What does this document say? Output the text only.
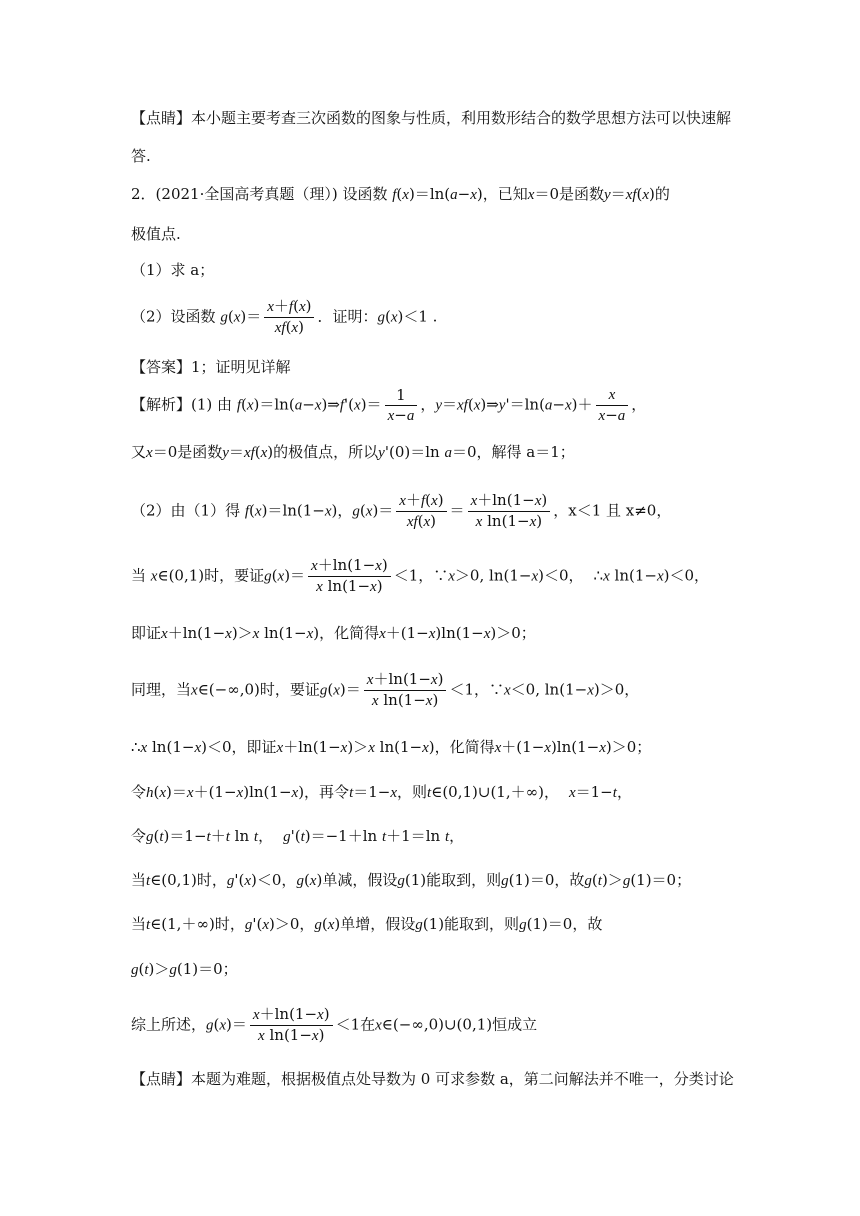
【点睛】本小题主要考查三次函数的图象与性质，利用数形结合的数学思想方法可以快速解
答.
2．(2021·全国高考真题（理）) 设函数 f(x)＝ln(a−x)，已知x＝0是函数y＝xf(x)的
极值点.
（1）求 a；
（2）设函数 $g(x)= \frac{x+f(x)}{xf(x)}$ ．证明：g(x)＜1 .
【答案】1；证明见详解
【解析】(1) 由 f(x)＝ln(a−x)⇒f'(x)＝ $\frac{1}{x-a}$ ，y＝xf(x)⇒y'＝ln(a−x)＋ $\frac{x}{x-a}$ ，
又x＝0是函数y＝xf(x)的极值点，所以y'(0)＝ln a＝0，解得 a＝1；
（2）由（1）得 f(x)＝ln(1−x)，$g(x)= \frac{x+f(x)}{xf(x)} = \frac{x+\ln(1-x)}{\text{x ln(1−x)}}$ ，x＜1 且 x≠0，
当 x∈(0,1)时，要证$g(x)= \frac{x+\ln(1-x)}{\text{x ln(1−x)}} <1$，∵x＞0, ln(1−x)＜0， ∴x ln(1−x)＜0，
即证x＋ln(1−x)＞x ln(1−x)，化简得x＋(1−x)ln(1−x)＞0；
同理，当x∈(−∞,0)时，要证$g(x)= \frac{x+\ln(1-x)}{\text{x ln(1−x)}} <1$，∵x＜0, ln(1−x)＞0，
∴x ln(1−x)＜0，即证x＋ln(1−x)＞x ln(1−x)，化简得x＋(1−x)ln(1−x)＞0；
令h(x)＝x＋(1−x)ln(1−x)，再令t＝1−x，则t∈(0,1)∪(1,＋∞)， x＝1−t，
令g(t)＝1−t＋t ln t， g'(t)＝−1＋ln t＋1＝ln t，
当t∈(0,1)时，g'(x)＜0，g(x)单减，假设g(1)能取到，则g(1)＝0，故g(t)＞g(1)＝0；
当t∈(1,＋∞)时，g'(x)＞0，g(x)单增，假设g(1)能取到，则g(1)＝0，故
g(t)＞g(1)＝0；
综上所述，$g(x)= \frac{x+\ln(1-x)}{\text{x ln(1−x)}} <1$在x∈(−∞,0)∪(0,1)恒成立
【点睛】本题为难题，根据极值点处导数为 0 可求参数 a，第二问解法并不唯一，分类讨论
